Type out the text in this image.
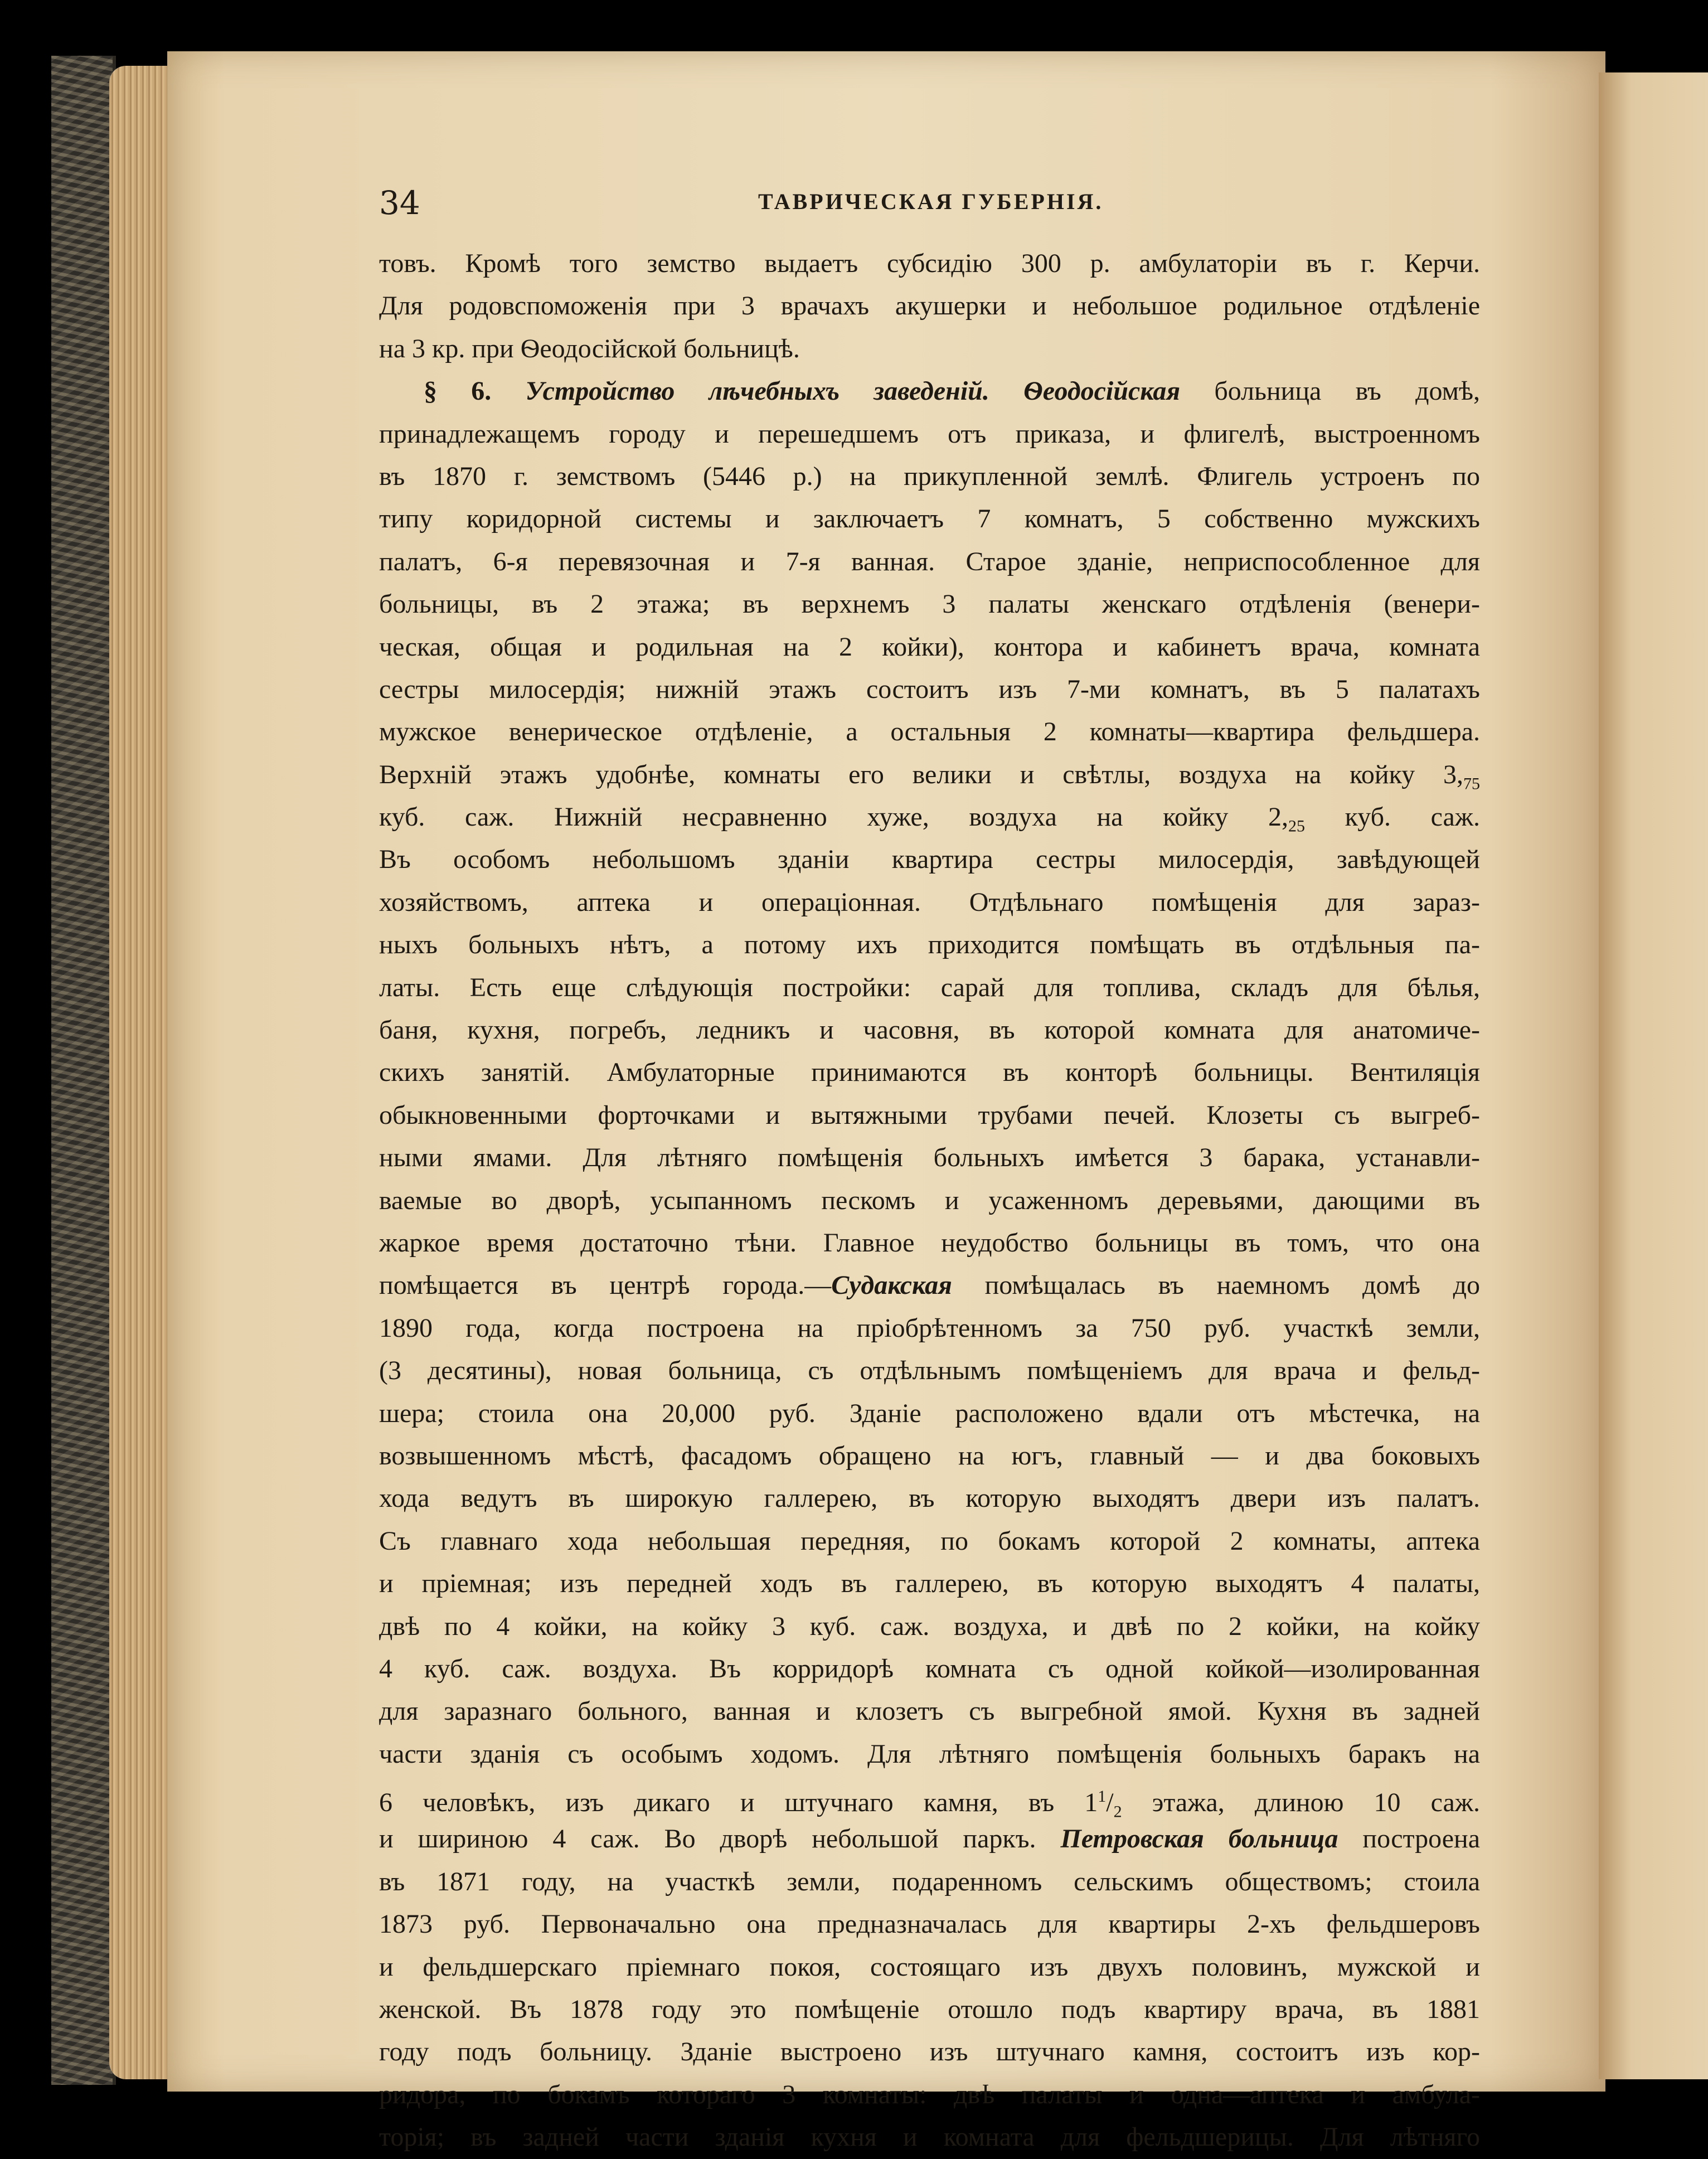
34	ТАВРИЧЕСКАЯ ГУБЕРНІЯ.
товъ. Кромѣ того земство выдаетъ субсидію 300 р. амбулаторіи въ г. Керчи.
Для родовспоможенія при 3 врачахъ акушерки и небольшое родильное отдѣленіе
на 3 кр. при Ѳеодосійской больницѣ.
§ 6. Устройство лѣчебныхъ заведеній. Ѳеодосійская больница въ домѣ,
принадлежащемъ городу и перешедшемъ отъ приказа, и флигелѣ, выстроенномъ
въ 1870 г. земствомъ (5446 р.) на прикупленной землѣ. Флигель устроенъ по
типу коридорной системы и заключаетъ 7 комнатъ, 5 собственно мужскихъ
палатъ, 6-я перевязочная и 7-я ванная. Старое зданіе, неприспособленное для
больницы, въ 2 этажа; въ верхнемъ 3 палаты женскаго отдѣленія (венери-
ческая, общая и родильная на 2 койки), контора и кабинетъ врача, комната
сестры милосердія; нижній этажъ состоитъ изъ 7-ми комнатъ, въ 5 палатахъ
мужское венерическое отдѣленіе, а остальныя 2 комнаты—квартира фельдшера.
Верхній этажъ удобнѣе, комнаты его велики и свѣтлы, воздуха на койку $3,_{75}$
куб. саж. Нижній несравненно хуже, воздуха на койку $2,_{25}$ куб. саж.
Въ особомъ небольшомъ зданіи квартира сестры милосердія, завѣдующей
хозяйствомъ, аптека и операціонная. Отдѣльнаго помѣщенія для зараз-
ныхъ больныхъ нѣтъ, а потому ихъ приходится помѣщать въ отдѣльныя па-
латы. Есть еще слѣдующія постройки: сарай для топлива, складъ для бѣлья,
баня, кухня, погребъ, ледникъ и часовня, въ которой комната для анатомиче-
скихъ занятій. Амбулаторные принимаются въ конторѣ больницы. Вентиляція
обыкновенными форточками и вытяжными трубами печей. Клозеты съ выгреб-
ными ямами. Для лѣтняго помѣщенія больныхъ имѣется 3 барака, устанавли-
ваемые во дворѣ, усыпанномъ пескомъ и усаженномъ деревьями, дающими въ
жаркое время достаточно тѣни. Главное неудобство больницы въ томъ, что она
помѣщается въ центрѣ города.—Судакская помѣщалась въ наемномъ домѣ до
1890 года, когда построена на пріобрѣтенномъ за 750 руб. участкѣ земли,
(3 десятины), новая больница, съ отдѣльнымъ помѣщеніемъ для врача и фельд-
шера; стоила она 20,000 руб. Зданіе расположено вдали отъ мѣстечка, на
возвышенномъ мѣстѣ, фасадомъ обращено на югъ, главный — и два боковыхъ
хода ведутъ въ широкую галлерею, въ которую выходятъ двери изъ палатъ.
Съ главнаго хода небольшая передняя, по бокамъ которой 2 комнаты, аптека
и пріемная; изъ передней ходъ въ галлерею, въ которую выходятъ 4 палаты,
двѣ по 4 койки, на койку 3 куб. саж. воздуха, и двѣ по 2 койки, на койку
4 куб. саж. воздуха. Въ корридорѣ комната съ одной койкой—изолированная
для заразнаго больного, ванная и клозетъ съ выгребной ямой. Кухня въ задней
части зданія съ особымъ ходомъ. Для лѣтняго помѣщенія больныхъ баракъ на
6 человѣкъ, изъ дикаго и штучнаго камня, въ $1^1/_2$ этажа, длиною 10 саж.
и шириною 4 саж. Во дворѣ небольшой паркъ. Петровская больница построена
въ 1871 году, на участкѣ земли, подаренномъ сельскимъ обществомъ; стоила
1873 руб. Первоначально она предназначалась для квартиры 2-хъ фельдшеровъ
и фельдшерскаго пріемнаго покоя, состоящаго изъ двухъ половинъ, мужской и
женской. Въ 1878 году это помѣщеніе отошло подъ квартиру врача, въ 1881
году подъ больницу. Зданіе выстроено изъ штучнаго камня, состоитъ изъ кор-
ридора, по бокамъ котораго 3 комнаты: двѣ палаты и одна—аптека и амбула-
торія; въ задней части зданія кухня и комната для фельдшерицы. Для лѣтняго
